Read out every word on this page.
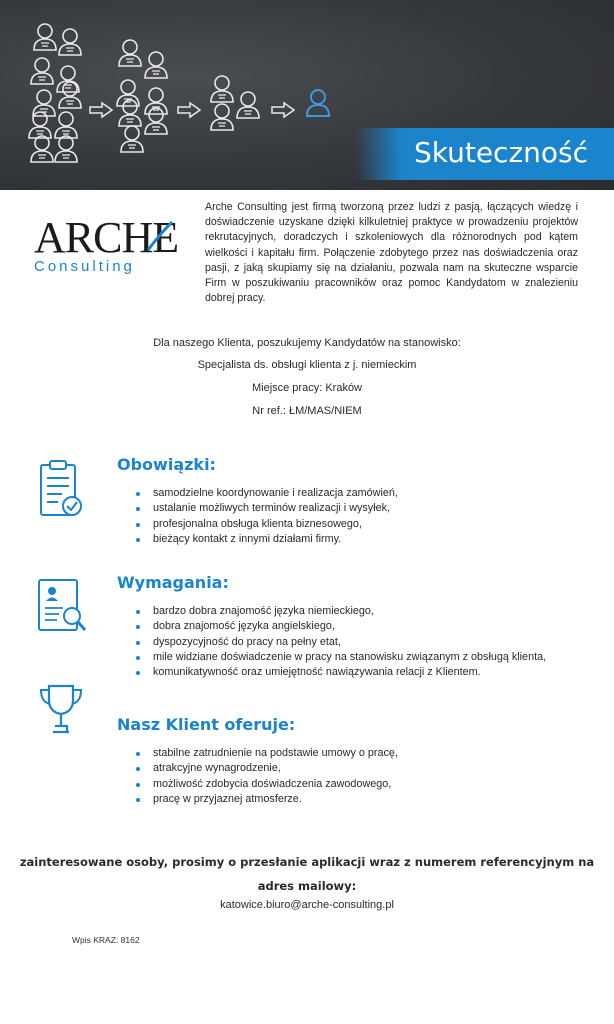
Skuteczność
ARCHE
Consulting
Arche Consulting jest firmą tworzoną przez ludzi z pasją, łączących wiedzę i doświadczenie uzyskane dzięki kilkuletniej praktyce w prowadzeniu projektów rekrutacyjnych, doradczych i szkoleniowych dla różnorodnych pod kątem wielkości i kapitału firm. Połączenie zdobytego przez nas doświadczenia oraz pasji, z jaką skupiamy się na działaniu, pozwala nam na skuteczne wsparcie Firm w poszukiwaniu pracowników oraz pomoc Kandydatom w znalezieniu dobrej pracy.
Dla naszego Klienta, poszukujemy Kandydatów na stanowisko:
Specjalista ds. obsługi klienta z j. niemieckim
Miejsce pracy: Kraków
Nr ref.: ŁM/MAS/NIEM
Obowiązki:
samodzielne koordynowanie i realizacja zamówień,
ustalanie możliwych terminów realizacji i wysyłek,
profesjonalna obsługa klienta biznesowego,
bieżący kontakt z innymi działami firmy.
Wymagania:
bardzo dobra znajomość języka niemieckiego,
dobra znajomość języka angielskiego,
dyspozycyjność do pracy na pełny etat,
mile widziane doświadczenie w pracy na stanowisku związanym z obsługą klienta,
komunikatywność oraz umiejętność nawiązywania relacji z Klientem.
Nasz Klient oferuje:
stabilne zatrudnienie na podstawie umowy o pracę,
atrakcyjne wynagrodzenie,
możliwość zdobycia doświadczenia zawodowego,
pracę w przyjaznej atmosferze.
zainteresowane osoby, prosimy o przesłanie aplikacji wraz z numerem referencyjnym na
adres mailowy:
katowice.biuro@arche-consulting.pl
Wpis KRAZ: 8162
